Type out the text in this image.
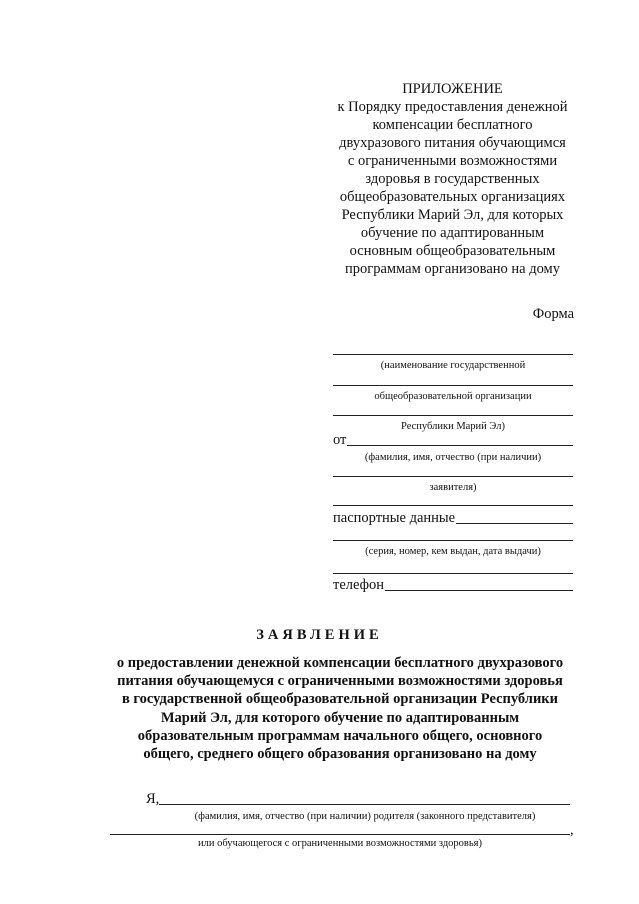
ПРИЛОЖЕНИЕ

к Порядку предоставления денежной

компенсации бесплатного

двухразового питания обучающимся

с ограниченными возможностями

здоровья в государственных

общеобразовательных организациях

Республики Марий Эл, для которых

обучение по адаптированным

основным общеобразовательным

программам организовано на дому

Форма
(наименование государственной
общеобразовательной организации
Республики Марий Эл)
от
(фамилия, имя, отчество (при наличии)
заявителя)
паспортные данные
(серия, номер, кем выдан, дата выдачи)
телефон
ЗАЯВЛЕНИЕ

о предоставлении денежной компенсации бесплатного двухразового

питания обучающемуся с ограниченными возможностями здоровья

в государственной общеобразовательной организации Республики

Марий Эл, для которого обучение по адаптированным

образовательным программам начального общего, основного

общего, среднего общего образования организовано на дому

Я,
(фамилия, имя, отчество (при наличии) родителя (законного представителя)
,
или обучающегося с ограниченными возможностями здоровья)
